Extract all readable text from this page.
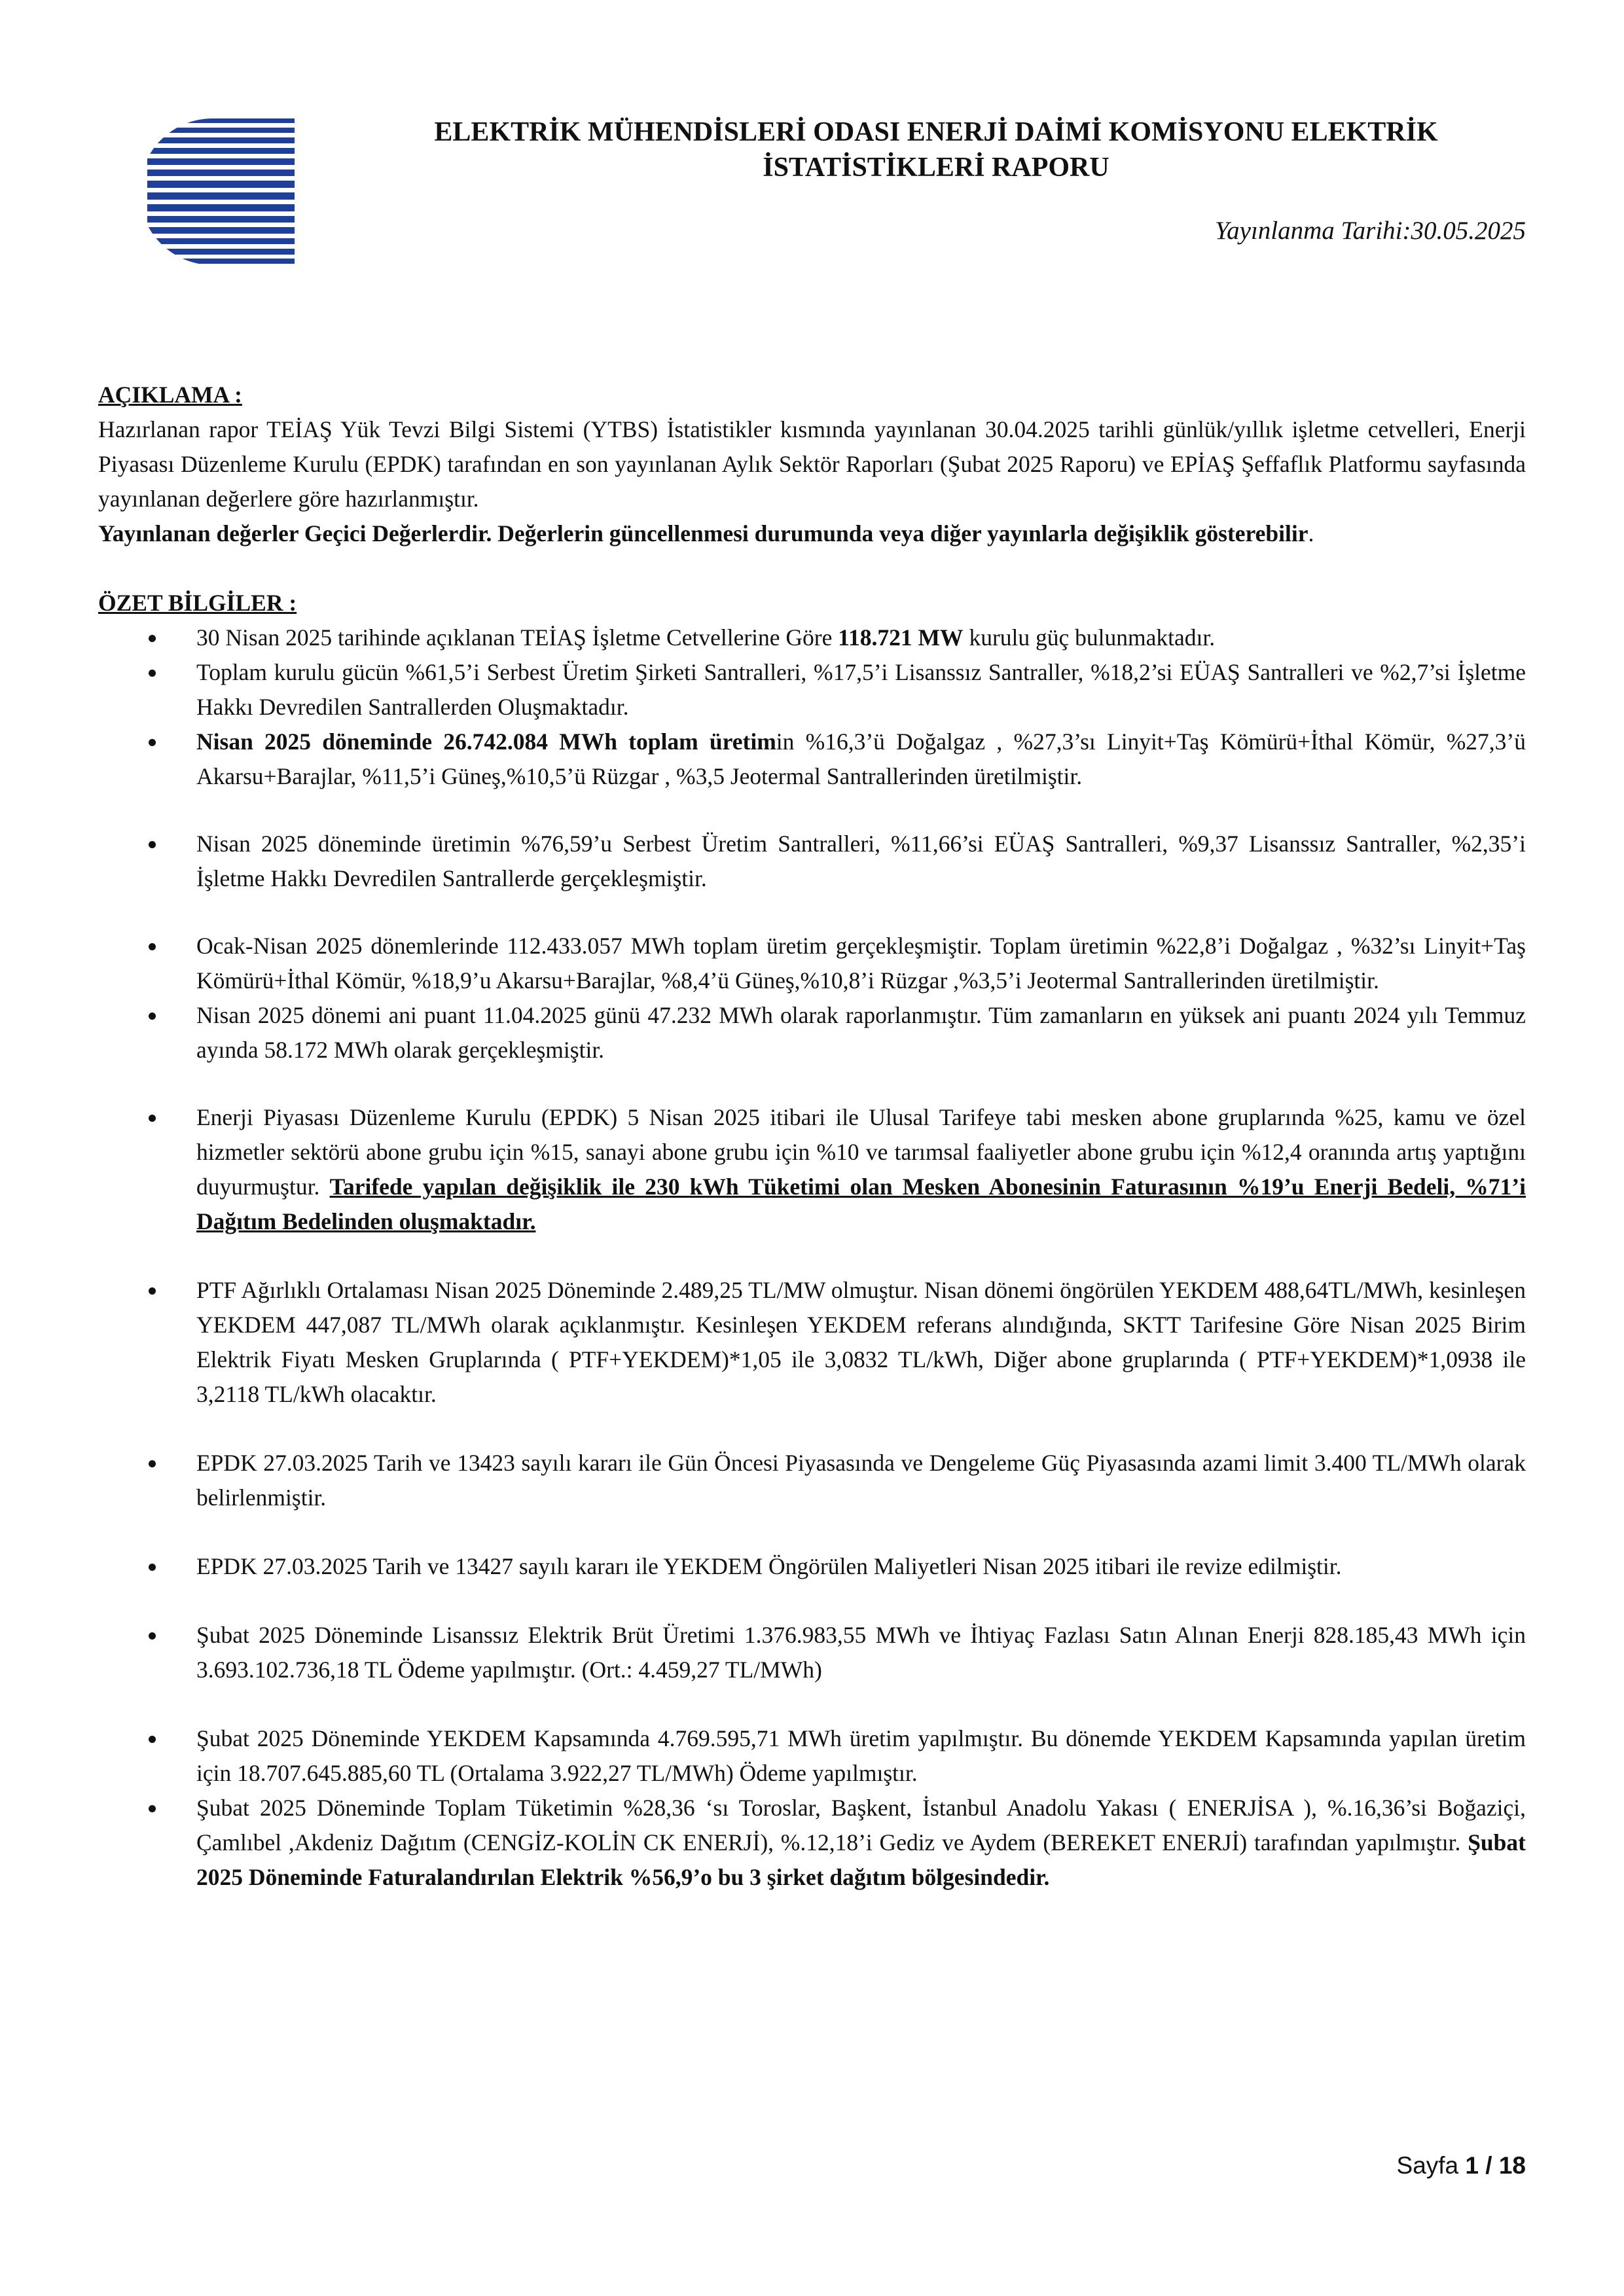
ELEKTRİK MÜHENDİSLERİ ODASI ENERJİ DAİMİ KOMİSYONU ELEKTRİK
İSTATİSTİKLERİ RAPORU
Yayınlanma Tarihi:30.05.2025
AÇIKLAMA :
Hazırlanan rapor TEİAŞ Yük Tevzi Bilgi Sistemi (YTBS) İstatistikler kısmında yayınlanan 30.04.2025 tarihli günlük/yıllık işletme cetvelleri, Enerji Piyasası Düzenleme Kurulu (EPDK) tarafından en son yayınlanan Aylık Sektör Raporları (Şubat 2025 Raporu) ve EPİAŞ Şeffaflık Platformu sayfasında yayınlanan değerlere göre hazırlanmıştır.

Yayınlanan değerler Geçici Değerlerdir. Değerlerin güncellenmesi durumunda veya diğer yayınlarla değişiklik gösterebilir.

ÖZET BİLGİLER :
30 Nisan 2025 tarihinde açıklanan TEİAŞ İşletme Cetvellerine Göre 118.721 MW kurulu güç bulunmaktadır.
Toplam kurulu gücün %61,5’i Serbest Üretim Şirketi Santralleri, %17,5’i Lisanssız Santraller, %18,2’si EÜAŞ Santralleri ve %2,7’si İşletme Hakkı Devredilen Santrallerden Oluşmaktadır.
Nisan 2025 döneminde 26.742.084 MWh toplam üretimin %16,3’ü Doğalgaz , %27,3’sı Linyit+Taş Kömürü+İthal Kömür, %27,3’ü Akarsu+Barajlar, %11,5’i Güneş,%10,5’ü Rüzgar , %3,5 Jeotermal Santrallerinden üretilmiştir.
Nisan 2025 döneminde üretimin %76,59’u Serbest Üretim Santralleri, %11,66’si EÜAŞ Santralleri, %9,37 Lisanssız Santraller, %2,35’i İşletme Hakkı Devredilen Santrallerde gerçekleşmiştir.
Ocak-Nisan 2025 dönemlerinde 112.433.057 MWh toplam üretim gerçekleşmiştir. Toplam üretimin %22,8’i Doğalgaz , %32’sı Linyit+Taş Kömürü+İthal Kömür, %18,9’u Akarsu+Barajlar, %8,4’ü Güneş,%10,8’i Rüzgar ,%3,5’i Jeotermal Santrallerinden üretilmiştir.
Nisan 2025 dönemi ani puant 11.04.2025 günü 47.232 MWh olarak raporlanmıştır. Tüm zamanların en yüksek ani puantı 2024 yılı Temmuz ayında 58.172 MWh olarak gerçekleşmiştir.
Enerji Piyasası Düzenleme Kurulu (EPDK) 5 Nisan 2025 itibari ile Ulusal Tarifeye tabi mesken abone gruplarında %25, kamu ve özel hizmetler sektörü abone grubu için %15, sanayi abone grubu için %10 ve tarımsal faaliyetler abone grubu için %12,4 oranında artış yaptığını duyurmuştur. Tarifede yapılan değişiklik ile 230 kWh Tüketimi olan Mesken Abonesinin Faturasının %19’u Enerji Bedeli, %71’i Dağıtım Bedelinden oluşmaktadır.
PTF Ağırlıklı Ortalaması Nisan 2025 Döneminde 2.489,25 TL/MW olmuştur. Nisan dönemi öngörülen YEKDEM 488,64TL/MWh, kesinleşen YEKDEM 447,087 TL/MWh olarak açıklanmıştır. Kesinleşen YEKDEM referans alındığında, SKTT Tarifesine Göre Nisan 2025 Birim Elektrik Fiyatı Mesken Gruplarında ( PTF+YEKDEM)*1,05 ile 3,0832 TL/kWh, Diğer abone gruplarında ( PTF+YEKDEM)*1,0938 ile 3,2118 TL/kWh olacaktır.
EPDK 27.03.2025 Tarih ve 13423 sayılı kararı ile Gün Öncesi Piyasasında ve Dengeleme Güç Piyasasında azami limit 3.400 TL/MWh olarak belirlenmiştir.
EPDK 27.03.2025 Tarih ve 13427 sayılı kararı ile YEKDEM Öngörülen Maliyetleri Nisan 2025 itibari ile revize edilmiştir.
Şubat 2025 Döneminde Lisanssız Elektrik Brüt Üretimi 1.376.983,55 MWh ve İhtiyaç Fazlası Satın Alınan Enerji 828.185,43 MWh için 3.693.102.736,18 TL Ödeme yapılmıştır. (Ort.: 4.459,27 TL/MWh)
Şubat 2025 Döneminde YEKDEM Kapsamında 4.769.595,71 MWh üretim yapılmıştır. Bu dönemde YEKDEM Kapsamında yapılan üretim için 18.707.645.885,60 TL (Ortalama 3.922,27 TL/MWh) Ödeme yapılmıştır.
Şubat 2025 Döneminde Toplam Tüketimin %28,36 ‘sı Toroslar, Başkent, İstanbul Anadolu Yakası ( ENERJİSA ), %.16,36’si Boğaziçi, Çamlıbel ,Akdeniz Dağıtım (CENGİZ-KOLİN CK ENERJİ), %.12,18’i Gediz ve Aydem (BEREKET ENERJİ) tarafından yapılmıştır. Şubat 2025 Döneminde Faturalandırılan Elektrik %56,9’o bu 3 şirket dağıtım bölgesindedir.
Sayfa 1 / 18
